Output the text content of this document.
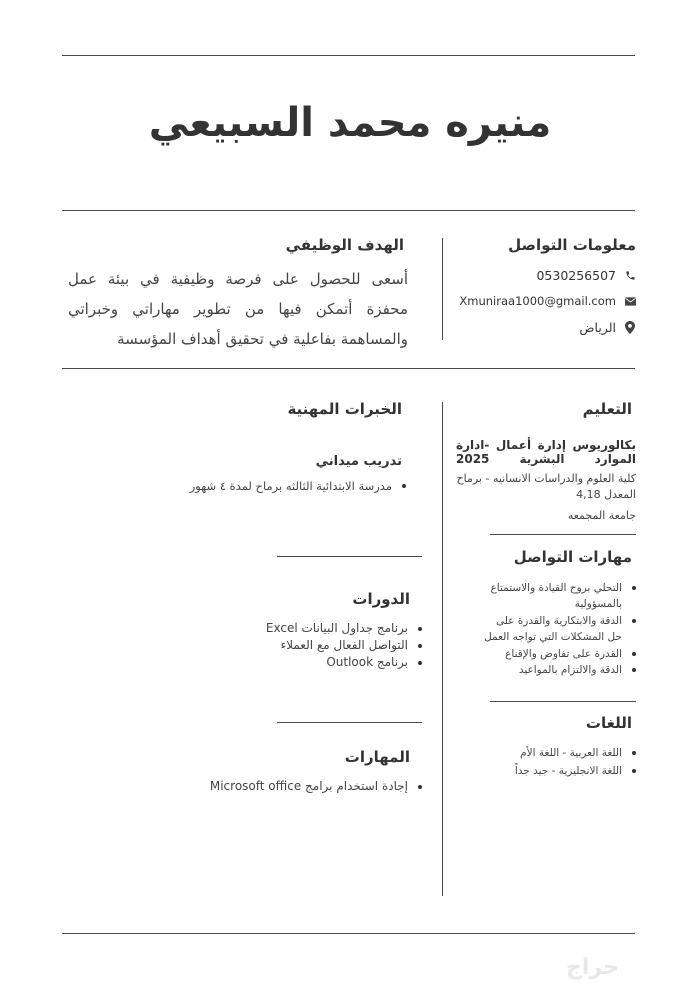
منيره محمد السبيعي
معلومات التواصل
0530256507
Xmuniraa1000@gmail.com
الرياض
الهدف الوظيفي
أسعى للحصول على فرصة وظيفية في بيئة عمل محفزة أتمكن فيها من تطوير مهاراتي وخبراتي والمساهمة بفاعلية في تحقيق أهداف المؤسسة
التعليم
بكالوريوس إدارة أعمال -ادارة
الموارد البشرية 2025
كلية العلوم والدراسات الانسانيه - برماح
المعدل 4,18
جامعة المجمعه
مهارات التواصل
التحلي بروح القيادة والاستمتاع
بالمسؤولية
الدقة والابتكارية والقدرة على
حل المشكلات التي تواجه العمل
القدرة على تفاوض والإقناع
الدقة والالتزام بالمواعيد
اللغات
اللغة العربية - اللغة الأم
اللغة الانجليزية - جيد جداً
الخبرات المهنية
تدريب ميداني
مدرسة الابتدائية الثالثه برماح لمدة ٤ شهور
الدورات
برنامج جداول البيانات Excel
التواصل الفعال مع العملاء
برنامج Outlook
المهارات
إجادة استخدام برامج Microsoft office
حراج
